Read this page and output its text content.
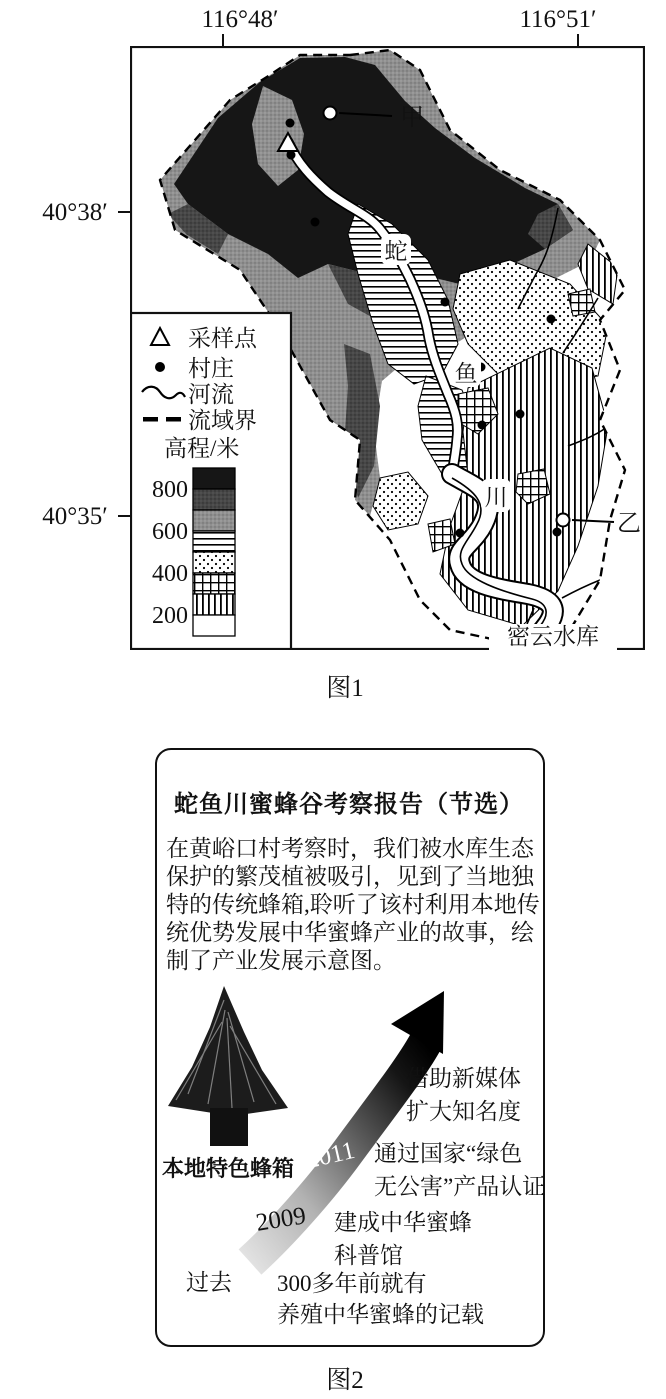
116°48′	116°51′
40°38′
40°35′
采样点
村庄
河流
流域界
高程/米
800
600
400
200
甲
乙
蛇
鱼
川
密云水库
图1
蛇鱼川蜜蜂谷考察报告（节选）
在黄峪口村考察时，我们被水库生态
保护的繁茂植被吸引，见到了当地独
特的传统蜂箱,聆听了该村利用本地传
统优势发展中华蜜蜂产业的故事，绘
制了产业发展示意图。
本地特色蜂箱
借助新媒体
扩大知名度
2011 通过国家“绿色
无公害”产品认证
2009 建成中华蜜蜂
科普馆
过去 300多年前就有
养殖中华蜜蜂的记载
图2
